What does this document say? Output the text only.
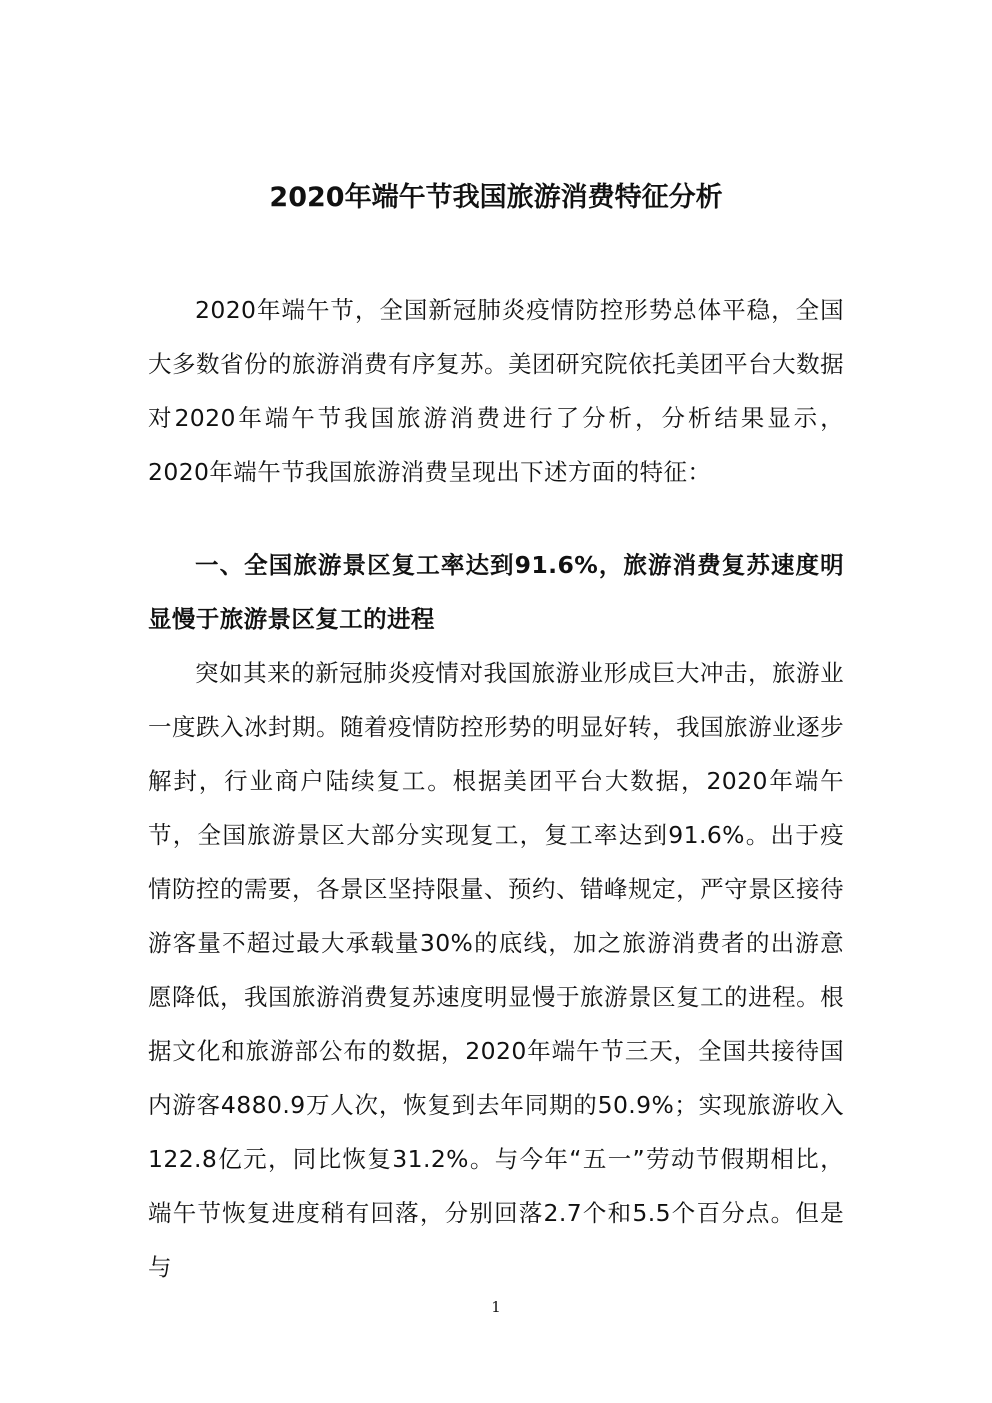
2020年端午节我国旅游消费特征分析

2020年端午节，全国新冠肺炎疫情防控形势总体平稳，全国大多数省份的旅游消费有序复苏。美团研究院依托美团平台大数据对2020年端午节我国旅游消费进行了分析，分析结果显示，2020年端午节我国旅游消费呈现出下述方面的特征：

一、全国旅游景区复工率达到91.6%，旅游消费复苏速度明显慢于旅游景区复工的进程

突如其来的新冠肺炎疫情对我国旅游业形成巨大冲击，旅游业一度跌入冰封期。随着疫情防控形势的明显好转，我国旅游业逐步解封，行业商户陆续复工。根据美团平台大数据，2020年端午节，全国旅游景区大部分实现复工，复工率达到91.6%。出于疫情防控的需要，各景区坚持限量、预约、错峰规定，严守景区接待游客量不超过最大承载量30%的底线，加之旅游消费者的出游意愿降低，我国旅游消费复苏速度明显慢于旅游景区复工的进程。根据文化和旅游部公布的数据，2020年端午节三天，全国共接待国内游客4880.9万人次，恢复到去年同期的50.9%；实现旅游收入122.8亿元，同比恢复31.2%。与今年“五一”劳动节假期相比，端午节恢复进度稍有回落，分别回落2.7个和5.5个百分点。但是与

1
